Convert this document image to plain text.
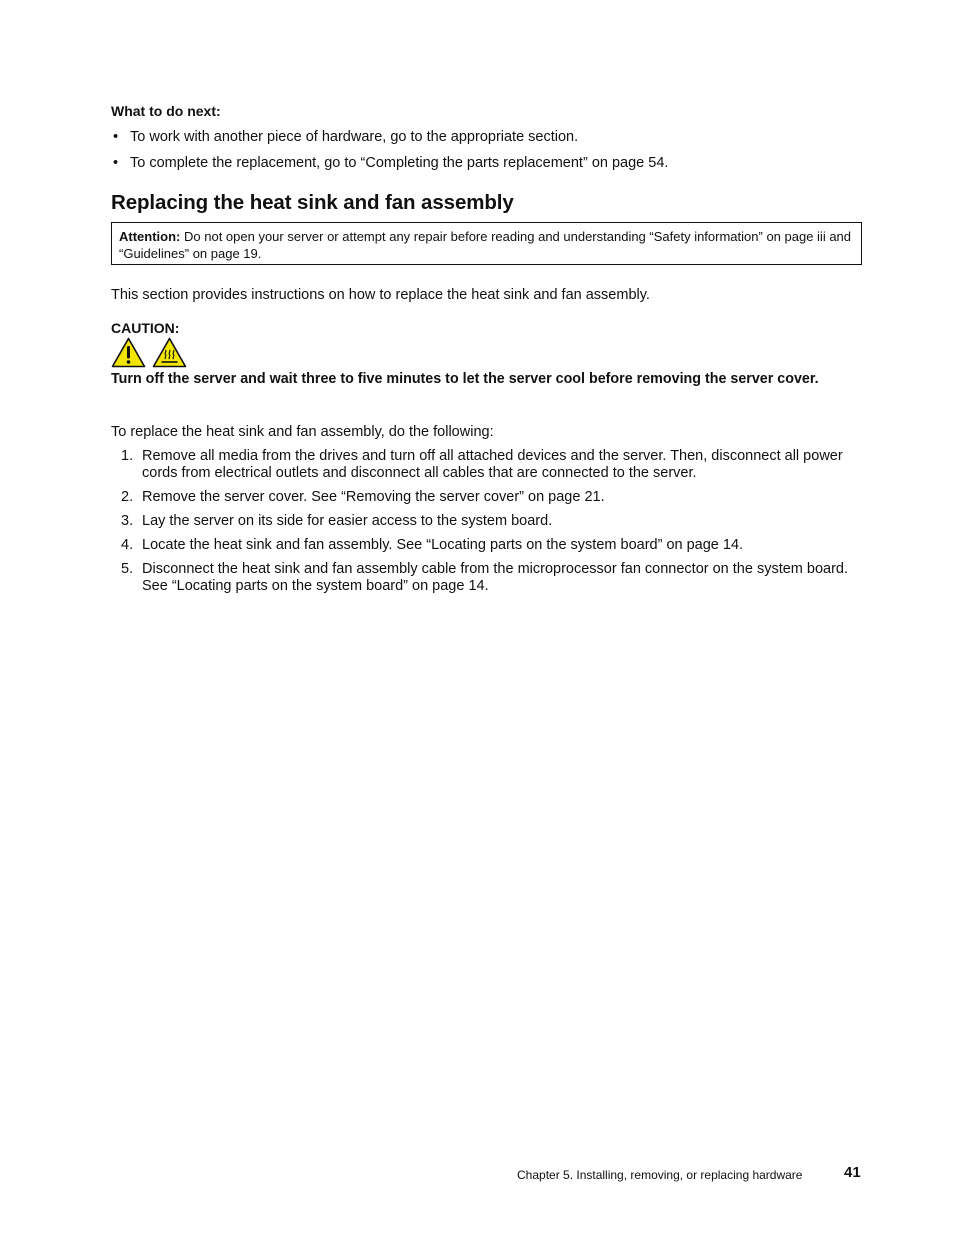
What to do next:

• To work with another piece of hardware, go to the appropriate section.
• To complete the replacement, go to “Completing the parts replacement” on page 54.
Replacing the heat sink and fan assembly
Attention: Do not open your server or attempt any repair before reading and understanding “Safety information” on page iii and “Guidelines” on page 19.

This section provides instructions on how to replace the heat sink and fan assembly.

CAUTION:

Turn off the server and wait three to five minutes to let the server cool before removing the server cover.

To replace the heat sink and fan assembly, do the following:

1. Remove all media from the drives and turn off all attached devices and the server. Then, disconnect all power cords from electrical outlets and disconnect all cables that are connected to the server.
2. Remove the server cover. See “Removing the server cover” on page 21.
3. Lay the server on its side for easier access to the system board.
4. Locate the heat sink and fan assembly. See “Locating parts on the system board” on page 14.
5. Disconnect the heat sink and fan assembly cable from the microprocessor fan connector on the system board. See “Locating parts on the system board” on page 14.
Chapter 5. Installing, removing, or replacing hardware	41
